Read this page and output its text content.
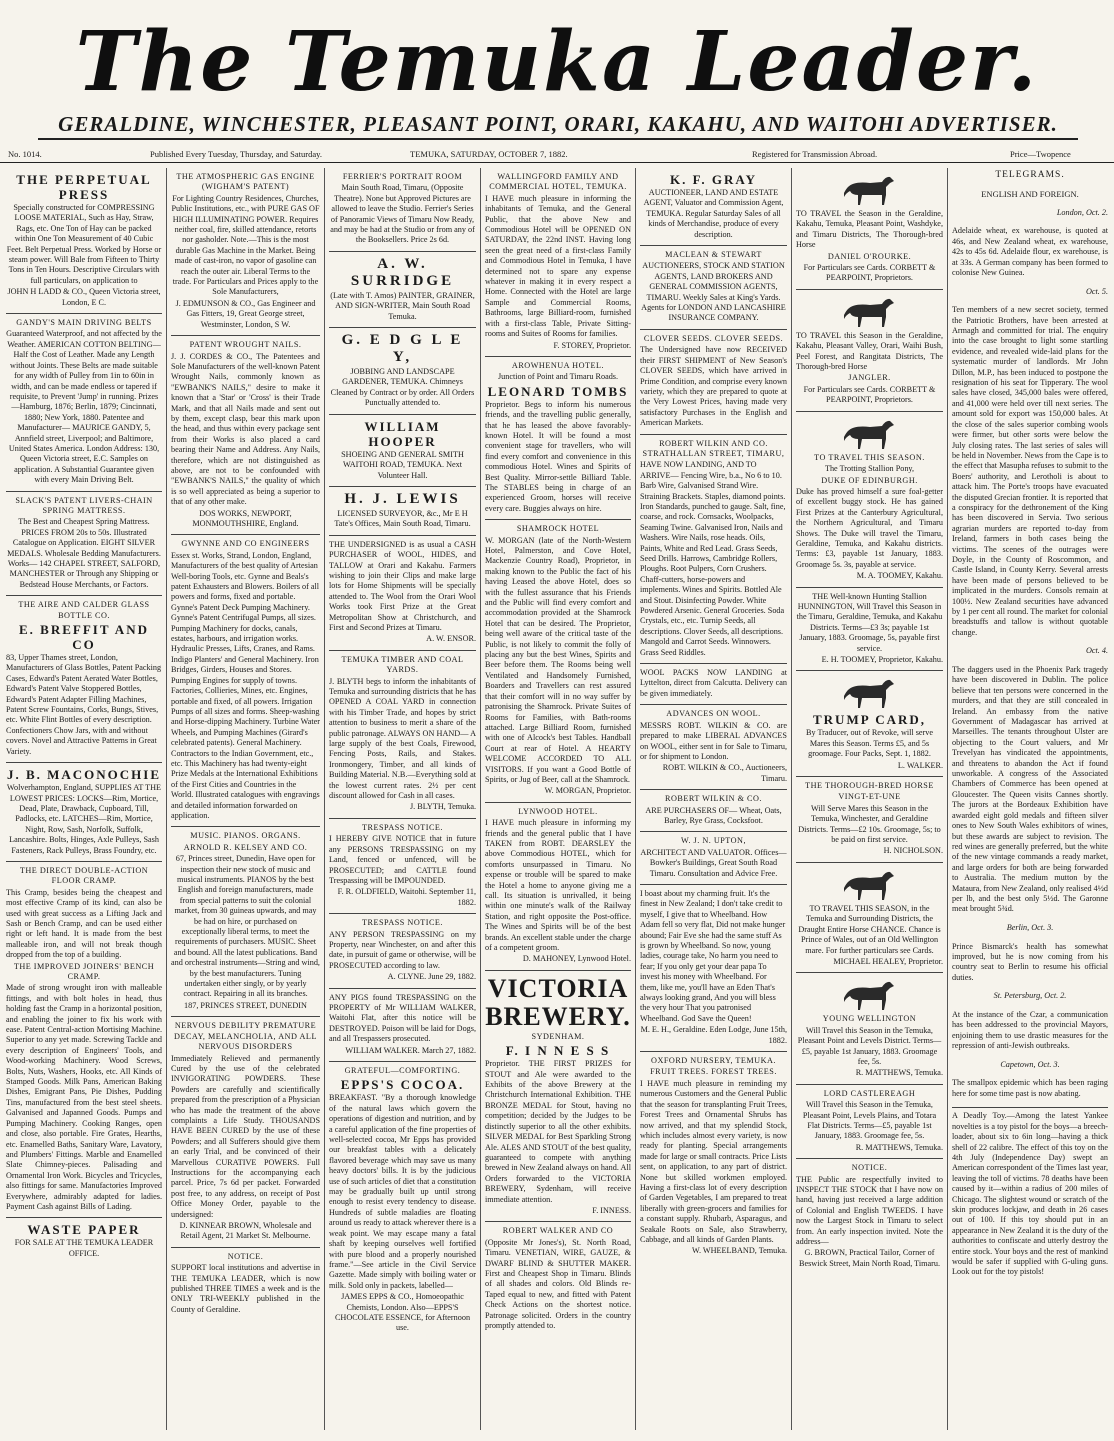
The Temuka Leader.
GERALDINE, WINCHESTER, PLEASANT POINT, ORARI, KAKAHU, AND WAITOHI ADVERTISER.
No. 1014.	Published Every Tuesday, Thursday, and Saturday.	TEMUKA, SATURDAY, OCTOBER 7, 1882.	Registered for Transmission Abroad.	Price—Twopence

THE PERPETUAL PRESS

Specially constructed for COMPRESSING LOOSE MATERIAL, Such as Hay, Straw, Rags, etc. One Ton of Hay can be packed within One Ton Measurement of 40 Cubic Feet. Belt Perpetual Press. Worked by Horse or steam power. Will Bale from Fifteen to Thirty Tons in Ten Hours. Descriptive Circulars with full particulars, on application to

JOHN H LADD & CO., Queen Victoria street, London, E C.

GANDY'S MAIN DRIVING BELTS

Guaranteed Waterproof, and not affected by the Weather. AMERICAN COTTON BELTING— Half the Cost of Leather. Made any Length without Joints. These Belts are made suitable for any width of Pulley from 1in to 60in in width, and can be made endless or tapered if requisite, to Prevent 'Jump' in running. Prizes—Hamburg, 1876; Berlin, 1879; Cincinnati, 1880; New York, 1880. Patentee and Manufacturer— MAURICE GANDY, 5, Annfield street, Liverpool; and Baltimore, United States America. London Address: 130, Queen Victoria street, E.C. Samples on application. A Substantial Guarantee given with every Main Driving Belt.

SLACK'S PATENT LIVERS-CHAIN SPRING MATTRESS.

The Best and Cheapest Spring Mattress. PRICES FROM 20s to 50s. Illustrated Catalogue on Application. EIGHT SILVER MEDALS. Wholesale Bedding Manufacturers. Works— 142 CHAPEL STREET, SALFORD, MANCHESTER or Through any Shipping or Bedstead House Merchants, or Factors.

THE AIRE AND CALDER GLASS BOTTLE CO.

E. BREFFIT AND CO

83, Upper Thames street, London, Manufacturers of Glass Bottles, Patent Packing Cases, Edward's Patent Aerated Water Bottles, Edward's Patent Valve Stoppered Bottles, Edward's Patent Adapter Filling Machines, Patent Screw Fountains, Corks, Bungs, Stives, etc. White Flint Bottles of every description. Confectioners Chow Jars, with and without covers. Novel and Attractive Patterns in Great Variety.

J. B. MACONOCHIE

Wolverhampton, England, SUPPLIES AT THE LOWEST PRICES: LOCKS—Rim, Mortice, Dead, Plate, Drawback, Cupboard, Till, Padlocks, etc. LATCHES—Rim, Mortice, Night, Row, Sash, Norfolk, Suffolk, Lancashire. Bolts, Hinges, Axle Pulleys, Sash Fasteners, Rack Pulleys, Brass Foundry, etc.

THE DIRECT DOUBLE-ACTION FLOOR CRAMP.

This Cramp, besides being the cheapest and most effective Cramp of its kind, can also be used with great success as a Lifting Jack and Sash or Bench Cramp, and can be used either right or left hand. It is made from the best malleable iron, and will not break though dropped from the top of a building.

THE IMPROVED JOINERS' BENCH CRAMP.

Made of strong wrought iron with malleable fittings, and with bolt holes in head, thus holding fast the Cramp in a horizontal position, and enabling the joiner to fix his work with ease. Patent Central-action Mortising Machine. Superior to any yet made. Screwing Tackle and every description of Engineers' Tools, and Wood-working Machinery. Wood Screws, Bolts, Nuts, Washers, Hooks, etc. All Kinds of Stamped Goods. Milk Pans, American Baking Dishes, Emigrant Pans, Pie Dishes, Pudding Tins, manufactured from the best steel sheets. Galvanised and Japanned Goods. Pumps and Pumping Machinery. Cooking Ranges, open and close, also portable. Fire Grates, Hearths, etc. Enamelled Baths, Sanitary Ware, Lavatory, and Plumbers' Fittings. Marble and Enamelled Slate Chimney-pieces. Palisading and Ornamental Iron Work. Bicycles and Tricycles, also fittings for same. Manufactories Improved Everywhere, admirably adapted for ladies. Payment Cash against Bills of Lading.

WASTE PAPER

FOR SALE AT THE TEMUKA LEADER OFFICE.

THE ATMOSPHERIC GAS ENGINE (WIGHAM'S PATENT)

For Lighting Country Residences, Churches, Public Institutions, etc., with PURE GAS OF HIGH ILLUMINATING POWER. Requires neither coal, fire, skilled attendance, retorts nor gasholder. Note.—This is the most durable Gas Machine in the Market. Being made of cast-iron, no vapor of gasoline can reach the outer air. Liberal Terms to the trade. For Particulars and Prices apply to the Sole Manufacturers,

J. EDMUNSON & CO., Gas Engineer and Gas Fitters, 19, Great George street, Westminster, London, S W.

PATENT WROUGHT NAILS.

J. J. CORDES & CO., The Patentees and Sole Manufacturers of the well-known Patent Wrought Nails, commonly known as "EWBANK'S NAILS," desire to make it known that a 'Star' or 'Cross' is their Trade Mark, and that all Nails made and sent out by them, except clasp, bear this mark upon the head, and thus within every package sent from their Works is also placed a card bearing their Name and Address. Any Nails, therefore, which are not distinguished as above, are not to be confounded with "EWBANK'S NAILS," the quality of which is so well appreciated as being a superior to that of any other make.

DOS WORKS, NEWPORT, MONMOUTHSHIRE, England.

GWYNNE AND CO ENGINEERS

Essex st. Works, Strand, London, England, Manufacturers of the best quality of Artesian Well-boring Tools, etc. Gynne and Beals's patent Exhausters and Blowers. Boilers of all powers and forms, fixed and portable. Gynne's Patent Deck Pumping Machinery. Gynne's Patent Centrifugal Pumps, all sizes. Pumping Machinery for docks, canals, estates, harbours, and irrigation works. Hydraulic Presses, Lifts, Cranes, and Rams. Indigo Planters' and General Machinery. Iron Bridges, Girders, Houses and Stores. Pumping Engines for supply of towns. Factories, Collieries, Mines, etc. Engines, portable and fixed, of all powers. Irrigation Pumps of all sizes and forms. Sheep-washing and Horse-dipping Machinery. Turbine Water Wheels, and Pumping Machines (Girard's celebrated patents). General Machinery. Contractors to the Indian Government, etc., etc. This Machinery has had twenty-eight Prize Medals at the International Exhibitions of the First Cities and Countries in the World. Illustrated catalogues with engravings and detailed information forwarded on application.

MUSIC. PIANOS. ORGANS.

ARNOLD R. KELSEY AND CO.

67, Princes street, Dunedin, Have open for inspection their new stock of music and musical instruments. PIANOS by the best English and foreign manufacturers, made from special patterns to suit the colonial market, from 30 guineas upwards, and may be had on hire, or purchased on exceptionally liberal terms, to meet the requirements of purchasers. MUSIC. Sheet and bound. All the latest publications. Band and orchestral instruments—String and wind, by the best manufacturers. Tuning undertaken either singly, or by yearly contract. Repairing in all its branches.

187, PRINCES STREET, DUNEDIN

NERVOUS DEBILITY PREMATURE DECAY, MELANCHOLIA, AND ALL NERVOUS DISORDERS

Immediately Relieved and permanently Cured by the use of the celebrated INVIGORATING POWDERS. These Powders are carefully and scientifically prepared from the prescription of a Physician who has made the treatment of the above complaints a Life Study. THOUSANDS HAVE BEEN CURED by the use of these Powders; and all Sufferers should give them an early Trial, and be convinced of their Marvellous CURATIVE POWERS. Full Instructions for the accompanying each parcel. Price, 7s 6d per packet. Forwarded post free, to any address, on receipt of Post Office Money Order, payable to the undersigned:

D. KINNEAR BROWN, Wholesale and Retail Agent, 21 Market St. Melbourne.

NOTICE.

SUPPORT local institutions and advertise in THE TEMUKA LEADER, which is now published THREE TIMES a week and is the ONLY TRI-WEEKLY published in the County of Geraldine.

FERRIER'S PORTRAIT ROOM

Main South Road, Timaru, (Opposite Theatre). None but Approved Pictures are allowed to leave the Studio. Ferrier's Series of Panoramic Views of Timaru Now Ready, and may be had at the Studio or from any of the Booksellers. Price 2s 6d.

A. W. SURRIDGE

(Late with T. Amos) PAINTER, GRAINER, AND SIGN-WRITER, Main South Road Temuka.

G. E D G L E Y,

JOBBING AND LANDSCAPE GARDENER, TEMUKA. Chimneys Cleaned by Contract or by order. All Orders Punctually attended to.

WILLIAM HOOPER

SHOEING AND GENERAL SMITH WAITOHI ROAD, TEMUKA. Next Volunteer Hall.

H. J. LEWIS

LICENSED SURVEYOR, &c., Mr E H Tate's Offices, Main South Road, Timaru.

THE UNDERSIGNED is as usual a CASH PURCHASER of WOOL, HIDES, and TALLOW at Orari and Kakahu. Farmers wishing to join their Clips and make large lots for Home Shipments will be specially attended to. The Wool from the Orari Wool Works took First Prize at the Great Metropolitan Show at Christchurch, and First and Second Prizes at Timaru.

A. W. ENSOR.

TEMUKA TIMBER AND COAL YARDS.

J. BLYTH begs to inform the inhabitants of Temuka and surrounding districts that he has OPENED A COAL YARD in connection with his Timber Trade, and hopes by strict attention to business to merit a share of the public patronage. ALWAYS ON HAND— A large supply of the best Coals, Firewood, Fencing Posts, Rails, and Stakes. Ironmongery, Timber, and all kinds of Building Material. N.B.—Everything sold at the lowest current rates. 2½ per cent discount allowed for Cash in all cases.

J. BLYTH, Temuka.

TRESPASS NOTICE.

I HEREBY GIVE NOTICE that in future any PERSONS TRESPASSING on my Land, fenced or unfenced, will be PROSECUTED; and CATTLE found Trespassing will be IMPOUNDED.

F. R. OLDFIELD, Waitohi. September 11, 1882.

TRESPASS NOTICE.

ANY PERSON TRESPASSING on my Property, near Winchester, on and after this date, in pursuit of game or otherwise, will be PROSECUTED according to law.

A. CLYNE. June 29, 1882.

ANY PIGS found TRESPASSING on the PROPERTY of Mr WILLIAM WALKER, Waitohi Flat, after this notice will be DESTROYED. Poison will be laid for Dogs, and all Trespassers prosecuted.

WILLIAM WALKER. March 27, 1882.

GRATEFUL—COMFORTING.

EPPS'S COCOA.

BREAKFAST. "By a thorough knowledge of the natural laws which govern the operations of digestion and nutrition, and by a careful application of the fine properties of well-selected cocoa, Mr Epps has provided our breakfast tables with a delicately flavored beverage which may save us many heavy doctors' bills. It is by the judicious use of such articles of diet that a constitution may be gradually built up until strong enough to resist every tendency to disease. Hundreds of subtle maladies are floating around us ready to attack wherever there is a weak point. We may escape many a fatal shaft by keeping ourselves well fortified with pure blood and a properly nourished frame."—See article in the Civil Service Gazette. Made simply with boiling water or milk. Sold only in packets, labelled—

JAMES EPPS & CO., Homoeopathic Chemists, London. Also—EPPS'S CHOCOLATE ESSENCE, for Afternoon use.

WALLINGFORD FAMILY AND COMMERCIAL HOTEL, TEMUKA.

I HAVE much pleasure in informing the inhabitants of Temuka, and the General Public, that the above New and Commodious Hotel will be OPENED ON SATURDAY, the 22nd INST. Having long seen the great need of a first-class Family and Commodious Hotel in Temuka, I have determined not to spare any expense whatever in making it in every respect a Home. Connected with the Hotel are large Sample and Commercial Rooms, Bathrooms, large Billiard-room, furnished with a first-class Table, Private Sitting-rooms and Suites of Rooms for families.

F. STOREY, Proprietor.

AROWHENUA HOTEL.

Junction of Point and Timaru Roads.

LEONARD TOMBS

Proprietor. Begs to inform his numerous friends, and the travelling public generally, that he has leased the above favorably-known Hotel. It will be found a most convenient stage for travellers, who will find every comfort and convenience in this commodious Hotel. Wines and Spirits of Best Quality. Mirror-settle Billiard Table. The STABLES being in charge of an experienced Groom, horses will receive every care. Buggies always on hire.

SHAMROCK HOTEL

W. MORGAN (late of the North-Western Hotel, Palmerston, and Cove Hotel, Mackenzie Country Road), Proprietor, in making known to the Public the fact of his having Leased the above Hotel, does so with the fullest assurance that his Friends and the Public will find every comfort and accommodation provided at the Shamrock Hotel that can be desired. The Proprietor, being well aware of the critical taste of the Public, is not likely to commit the folly of placing any but the best Wines, Spirits and Beer before them. The Rooms being well Ventilated and Handsomely Furnished, Boarders and Travellers can rest assured that their comfort will in no way suffer by patronising the Shamrock. Private Suites of Rooms for Families, with Bath-rooms attached. Large Billiard Room, furnished with one of Alcock's best Tables. Handball Court at rear of Hotel. A HEARTY WELCOME ACCORDED TO ALL VISITORS. If you want a Good Bottle of Spirits, or Jug of Beer, call at the Shamrock.

W. MORGAN, Proprietor.

LYNWOOD HOTEL.

I HAVE much pleasure in informing my friends and the general public that I have TAKEN from ROBT. DEARSLEY the above Commodious HOTEL, which for comforts unsurpassed in Timaru. No expense or trouble will be spared to make the Hotel a home to anyone giving me a call. Its situation is unrivalled, it being within one minute's walk of the Railway Station, and right opposite the Post-office. The Wines and Spirits will be of the best brands. An excellent stable under the charge of a competent groom.

D. MAHONEY, Lynwood Hotel.

VICTORIA BREWERY.

SYDENHAM.

F. I N N E S S

Proprietor. THE FIRST PRIZES for STOUT and Ale were awarded to the Exhibits of the above Brewery at the Christchurch International Exhibition. THE BRONZE MEDAL for Stout, having no competition; decided by the Judges to be distinctly superior to all the other exhibits. SILVER MEDAL for Best Sparkling Strong Ale. ALES AND STOUT of the best quality, guaranteed to compete with anything brewed in New Zealand always on hand. All Orders forwarded to the VICTORIA BREWERY, Sydenham, will receive immediate attention.

F. INNESS.

ROBERT WALKER AND CO

(Opposite Mr Jones's), St. North Road, Timaru. VENETIAN, WIRE, GAUZE, & DWARF BLIND & SHUTTER MAKER. First and Cheapest Shop in Timaru. Blinds of all shades and colors. Old Blinds re-Taped equal to new, and fitted with Patent Check Actions on the shortest notice. Patronage solicited. Orders in the country promptly attended to.

K. F. GRAY

AUCTIONEER, LAND AND ESTATE AGENT, Valuator and Commission Agent, TEMUKA. Regular Saturday Sales of all kinds of Merchandise, produce of every description.

MACLEAN & STEWART

AUCTIONEERS, STOCK AND STATION AGENTS, LAND BROKERS AND GENERAL COMMISSION AGENTS, TIMARU. Weekly Sales at King's Yards. Agents for LONDON AND LANCASHIRE INSURANCE COMPANY.

CLOVER SEEDS. CLOVER SEEDS.

The Undersigned have now RECEIVED their FIRST SHIPMENT of New Season's CLOVER SEEDS, which have arrived in Prime Condition, and comprise every known variety, which they are prepared to quote at the Very Lowest Prices, having made very satisfactory Purchases in the English and American Markets.

ROBERT WILKIN AND CO. STRATHALLAN STREET, TIMARU,

HAVE NOW LANDING, AND TO ARRIVE— Fencing Wire, b.a., No 6 to 10. Barb Wire, Galvanised Strand Wire. Straining Brackets. Staples, diamond points. Iron Standards, punched to gauge. Salt, fine, coarse, and rock. Cornsacks, Woolpacks, Seaming Twine. Galvanised Iron, Nails and Washers. Wire Nails, rose heads. Oils, Paints, White and Red Lead. Grass Seeds, Seed Drills. Harrows, Cambridge Rollers, Ploughs. Root Pulpers, Corn Crushers. Chaff-cutters, horse-powers and implements. Wines and Spirits. Bottled Ale and Stout. Disinfecting Powder. White Powdered Arsenic. General Groceries. Soda Crystals, etc., etc. Turnip Seeds, all descriptions. Clover Seeds, all descriptions. Mangold and Carrot Seeds. Winnowers. Grass Seed Riddles.

WOOL PACKS NOW LANDING at Lyttelton, direct from Calcutta. Delivery can be given immediately.

ADVANCES ON WOOL.

MESSRS ROBT. WILKIN & CO. are prepared to make LIBERAL ADVANCES on WOOL, either sent in for Sale to Timaru, or for shipment to London.

ROBT. WILKIN & CO., Auctioneers, Timaru.

ROBERT WILKIN & CO.

ARE PURCHASERS OF— Wheat, Oats, Barley, Rye Grass, Cocksfoot.

W. J. N. UPTON,

ARCHITECT AND VALUATOR. Offices—Bowker's Buildings, Great South Road Timaru. Consultation and Advice Free.

I boast about my charming fruit. It's the finest in New Zealand; I don't take credit to myself, I give that to Wheelband. How Adam fell so very flat, Did not make hunger abound; Fair Eve she had the same stuff As is grown by Wheelband. So now, young ladies, courage take, No harm you need to fear; If you only get your dear papa To invest his money with Wheelband. For them, like me, you'll have an Eden That's always looking grand, And you will bless the very hour That you patronised Wheelband. God Save the Queen!

M. E. H., Geraldine. Eden Lodge, June 15th, 1882.

OXFORD NURSERY, TEMUKA.

FRUIT TREES. FOREST TREES.

I HAVE much pleasure in reminding my numerous Customers and the General Public that the season for transplanting Fruit Trees, Forest Trees and Ornamental Shrubs has now arrived, and that my splendid Stock, which includes almost every variety, is now ready for planting. Special arrangements made for large or small contracts. Price Lists sent, on application, to any part of district. None but skilled workmen employed. Having a first-class lot of every description of Garden Vegetables, I am prepared to treat liberally with green-grocers and families for a constant supply. Rhubarb, Asparagus, and Seakale Roots on Sale, also Strawberry, Cabbage, and all kinds of Garden Plants.

W. WHEELBAND, Temuka.

TO TRAVEL the Season in the Geraldine, Kakahu, Temuka, Pleasant Point, Washdyke, and Timaru Districts, The Thorough-bred Horse

DANIEL O'ROURKE.

For Particulars see Cards. CORBETT & PEARPOINT, Proprietors.

TO TRAVEL this Season in the Geraldine, Kakahu, Pleasant Valley, Orari, Waihi Bush, Peel Forest, and Rangitata Districts, The Thorough-bred Horse

JANGLER.

For Particulars see Cards. CORBETT & PEARPOINT, Proprietors.

TO TRAVEL THIS SEASON.

The Trotting Stallion Pony,

DUKE OF EDINBURGH.

Duke has proved himself a sure foal-getter of excellent buggy stock. He has gained First Prizes at the Canterbury Agricultural, the Northern Agricultural, and Timaru Shows. The Duke will travel the Timaru, Geraldine, Temuka, and Kakahu districts. Terms: £3, payable 1st January, 1883. Groomage 5s. 3s, payable at service.

M. A. TOOMEY, Kakahu.

THE Well-known Hunting Stallion HUNNINGTON, Will Travel this Season in the Timaru, Geraldine, Temuka, and Kakahu Districts. Terms—£3 3s; payable 1st January, 1883. Groomage, 5s, payable first service.

E. H. TOOMEY, Proprietor, Kakahu.

TRUMP CARD,

By Traducer, out of Revoke, will serve Mares this Season. Terms £5, and 5s groomage. Four Packs, Sept. 1, 1882.

L. WALKER.

THE THOROUGH-BRED HORSE

VINGT-ET-UNE

Will Serve Mares this Season in the Temuka, Winchester, and Geraldine Districts. Terms—£2 10s. Groomage, 5s; to be paid on first service.

H. NICHOLSON.

TO TRAVEL THIS SEASON, in the Temuka and Surrounding Districts, the Draught Entire Horse CHANCE. Chance is Prince of Wales, out of an Old Wellington mare. For further particulars see Cards.

MICHAEL HEALEY, Proprietor.

YOUNG WELLINGTON

Will Travel this Season in the Temuka, Pleasant Point and Levels District. Terms—£5, payable 1st January, 1883. Groomage fee, 5s.

R. MATTHEWS, Temuka.

LORD CASTLEREAGH

Will Travel this Season in the Temuka, Pleasant Point, Levels Plains, and Totara Flat Districts. Terms—£5, payable 1st January, 1883. Groomage fee, 5s.

R. MATTHEWS, Temuka.

NOTICE.

THE Public are respectfully invited to INSPECT THE STOCK that I have now on hand, having just received a large addition of Colonial and English TWEEDS. I have now the Largest Stock in Timaru to select from. An early inspection invited. Note the address—

G. BROWN, Practical Tailor, Corner of Beswick Street, Main North Road, Timaru.

TELEGRAMS.

ENGLISH AND FOREIGN.

London, Oct. 2.

Adelaide wheat, ex warehouse, is quoted at 46s, and New Zealand wheat, ex warehouse, 42s to 45s 6d. Adelaide flour, ex warehouse, is at 33s. A German company has been formed to colonise New Guinea.

Oct. 5.

Ten members of a new secret society, termed the Patriotic Brothers, have been arrested at Armagh and committed for trial. The enquiry into the case brought to light some startling evidence, and revealed wide-laid plans for the systematic murder of landlords. Mr John Dillon, M.P., has been induced to postpone the resignation of his seat for Tipperary. The wool sales have closed, 345,000 bales were offered, and 41,000 were held over till next series. The amount sold for export was 150,000 bales. At the close of the sales superior combing wools were firmer, but other sorts were below the July closing rates. The last series of sales will be held in November. News from the Cape is to the effect that Masupha refuses to submit to the Boers' authority, and Lerotholi is about to attack him. The Porte's troops have evacuated the disputed Grecian frontier. It is reported that a conspiracy for the dethronement of the King has been discovered in Servia. Two serious agrarian murders are reported to-day from Ireland, farmers in both cases being the victims. The scenes of the outrages were Doyle, in the County of Roscommon, and Castle Island, in County Kerry. Several arrests have been made of persons believed to be implicated in the murders. Consols remain at 100½. New Zealand securities have advanced by 1 per cent all round. The market for colonial breadstuffs and tallow is without quotable change.

Oct. 4.

The daggers used in the Phoenix Park tragedy have been discovered in Dublin. The police believe that ten persons were concerned in the murders, and that they are still concealed in Ireland. An embassy from the native Government of Madagascar has arrived at Marseilles. The tenants throughout Ulster are objecting to the Court valuers, and Mr Trevelyan has vindicated the appointments, and threatens to abandon the Act if found unworkable. A congress of the Associated Chambers of Commerce has been opened at Gloucester. The Queen visits Cannes shortly. The jurors at the Bordeaux Exhibition have awarded eight gold medals and fifteen silver ones to New South Wales exhibitors of wines, but these awards are subject to revision. The red wines are generally preferred, but the white of the new vintage commands a ready market, and large orders for both are being forwarded to Australia. The medium mutton by the Mataura, from New Zealand, only realised 4½d per lb, and the best only 5½d. The Garonne meat brought 5¾d.

Berlin, Oct. 3.

Prince Bismarck's health has somewhat improved, but he is now coming from his country seat to Berlin to resume his official duties.

St. Petersburg, Oct. 2.

At the instance of the Czar, a communication has been addressed to the provincial Mayors, enjoining them to use drastic measures for the repression of anti-Jewish outbreaks.

Capetown, Oct. 3.

The smallpox epidemic which has been raging here for some time past is now abating.

A Deadly Toy.—Among the latest Yankee novelties is a toy pistol for the boys—a breech-loader, about six to 6in long—having a thick shell of 22 calibre. The effect of this toy on the 4th July (Independence Day) swept an American correspondent of the Times last year, leaving the toll of victims. 78 deaths have been caused by it—within a radius of 200 miles of Chicago. The slightest wound or scratch of the skin produces lockjaw, and death in 26 cases out of 100. If this toy should put in an appearance in New Zealand it is the duty of the authorities to confiscate and utterly destroy the entire stock. Your boys and the rest of mankind would be safer if supplied with G-uling guns. Look out for the toy pistols!
